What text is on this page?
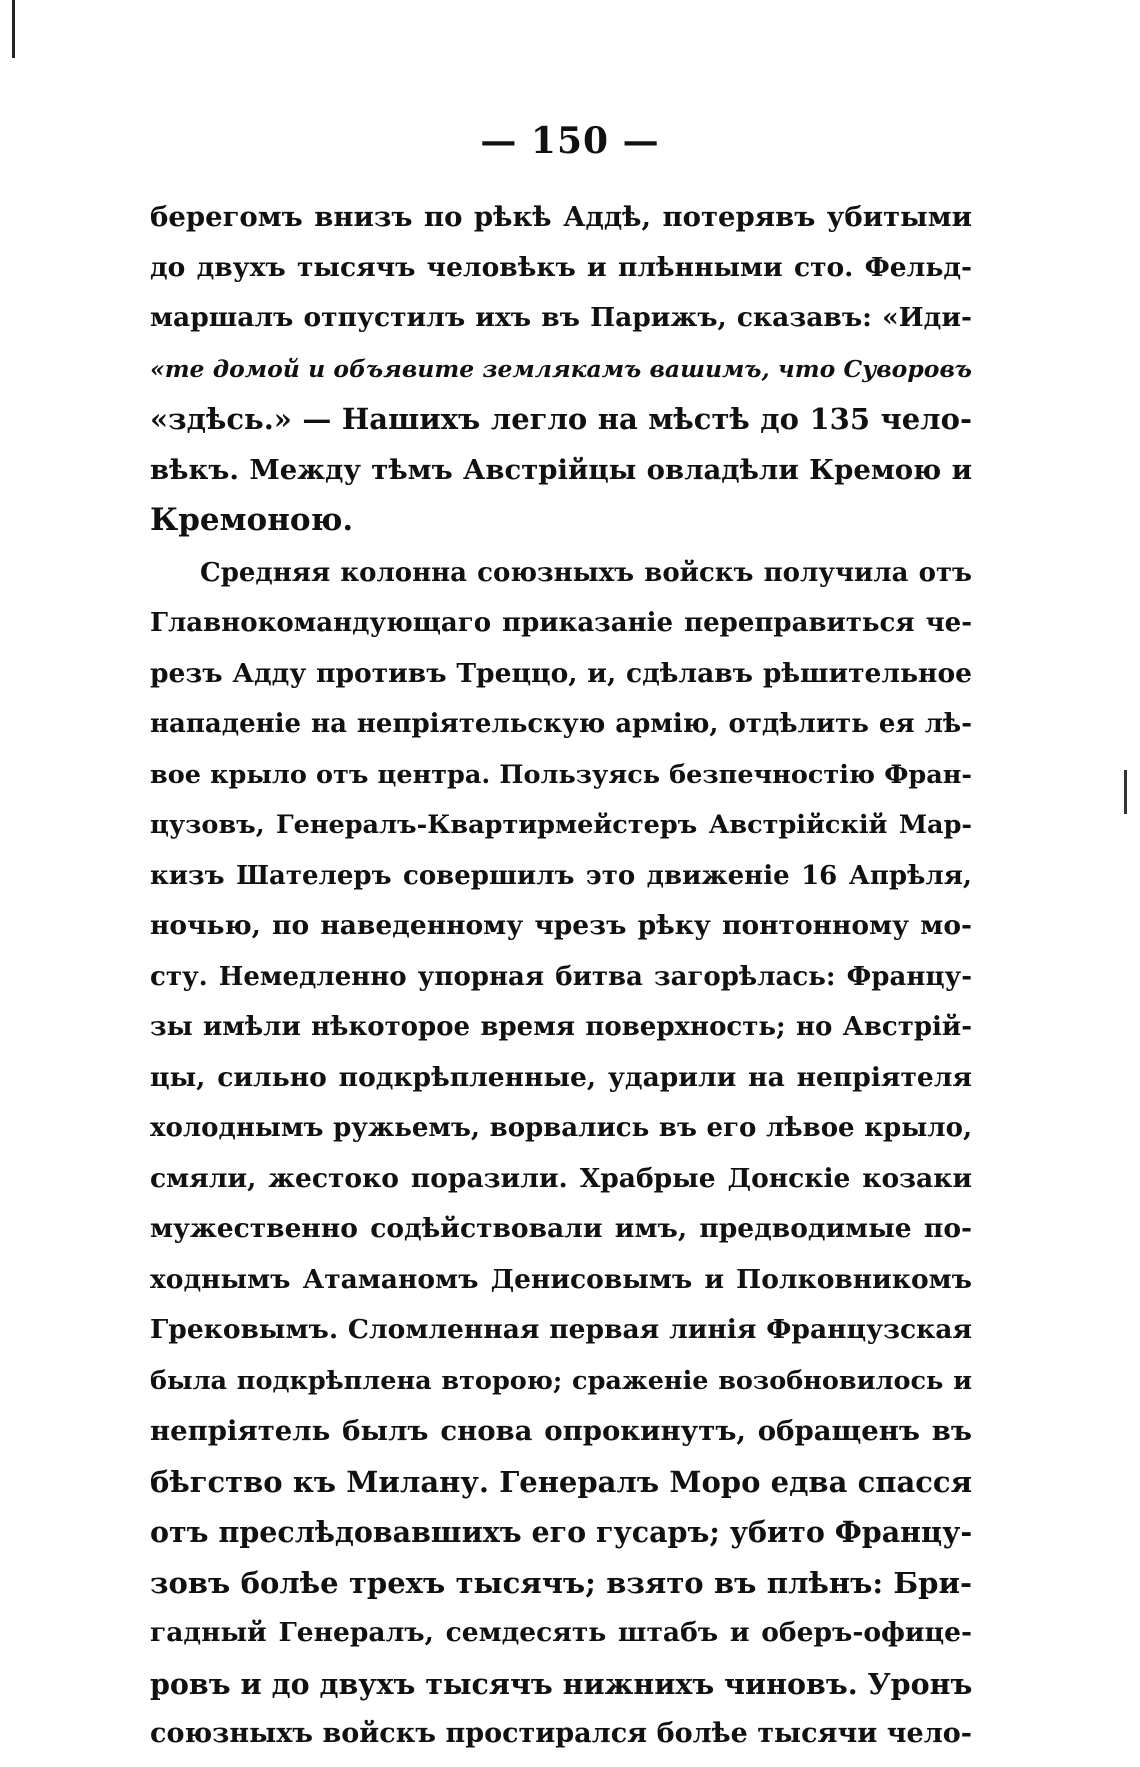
— 150 —
берегомъ внизъ по рѣкѣ Аддѣ, потерявъ убитыми
до двухъ тысячъ человѣкъ и плѣнными сто. Фельд-
маршалъ отпустилъ ихъ въ Парижъ, сказавъ: «Иди-
«те домой и объявите землякамъ вашимъ, что Суворовъ
«здѣсь.» — Нашихъ легло на мѣстѣ до 135 чело-
вѣкъ. Между тѣмъ Австрійцы овладѣли Кремою и
Кремоною.
Средняя колонна союзныхъ войскъ получила отъ
Главнокомандующаго приказаніе переправиться че-
резъ Адду противъ Треццо, и, сдѣлавъ рѣшительное
нападеніе на непріятельскую армію, отдѣлить ея лѣ-
вое крыло отъ центра. Пользуясь безпечностію Фран-
цузовъ, Генералъ-Квартирмейстеръ Австрійскій Мар-
кизъ Шателеръ совершилъ это движеніе 16 Апрѣля,
ночью, по наведенному чрезъ рѣку понтонному мо-
сту. Немедленно упорная битва загорѣлась: Францу-
зы имѣли нѣкоторое время поверхность; но Австрій-
цы, сильно подкрѣпленные, ударили на непріятеля
холоднымъ ружьемъ, ворвались въ его лѣвое крыло,
смяли, жестоко поразили. Храбрые Донскіе козаки
мужественно содѣйствовали имъ, предводимые по-
ходнымъ Атаманомъ Денисовымъ и Полковникомъ
Грековымъ. Сломленная первая линія Французская
была подкрѣплена второю; сраженіе возобновилось и
непріятель былъ снова опрокинутъ, обращенъ въ
бѣгство къ Милану. Генералъ Моро едва спасся
отъ преслѣдовавшихъ его гусаръ; убито Францу-
зовъ болѣе трехъ тысячъ; взято въ плѣнъ: Бри-
гадный Генералъ, семдесять штабъ и оберъ-офице-
ровъ и до двухъ тысячъ нижнихъ чиновъ. Уронъ
союзныхъ войскъ простирался болѣе тысячи чело-
